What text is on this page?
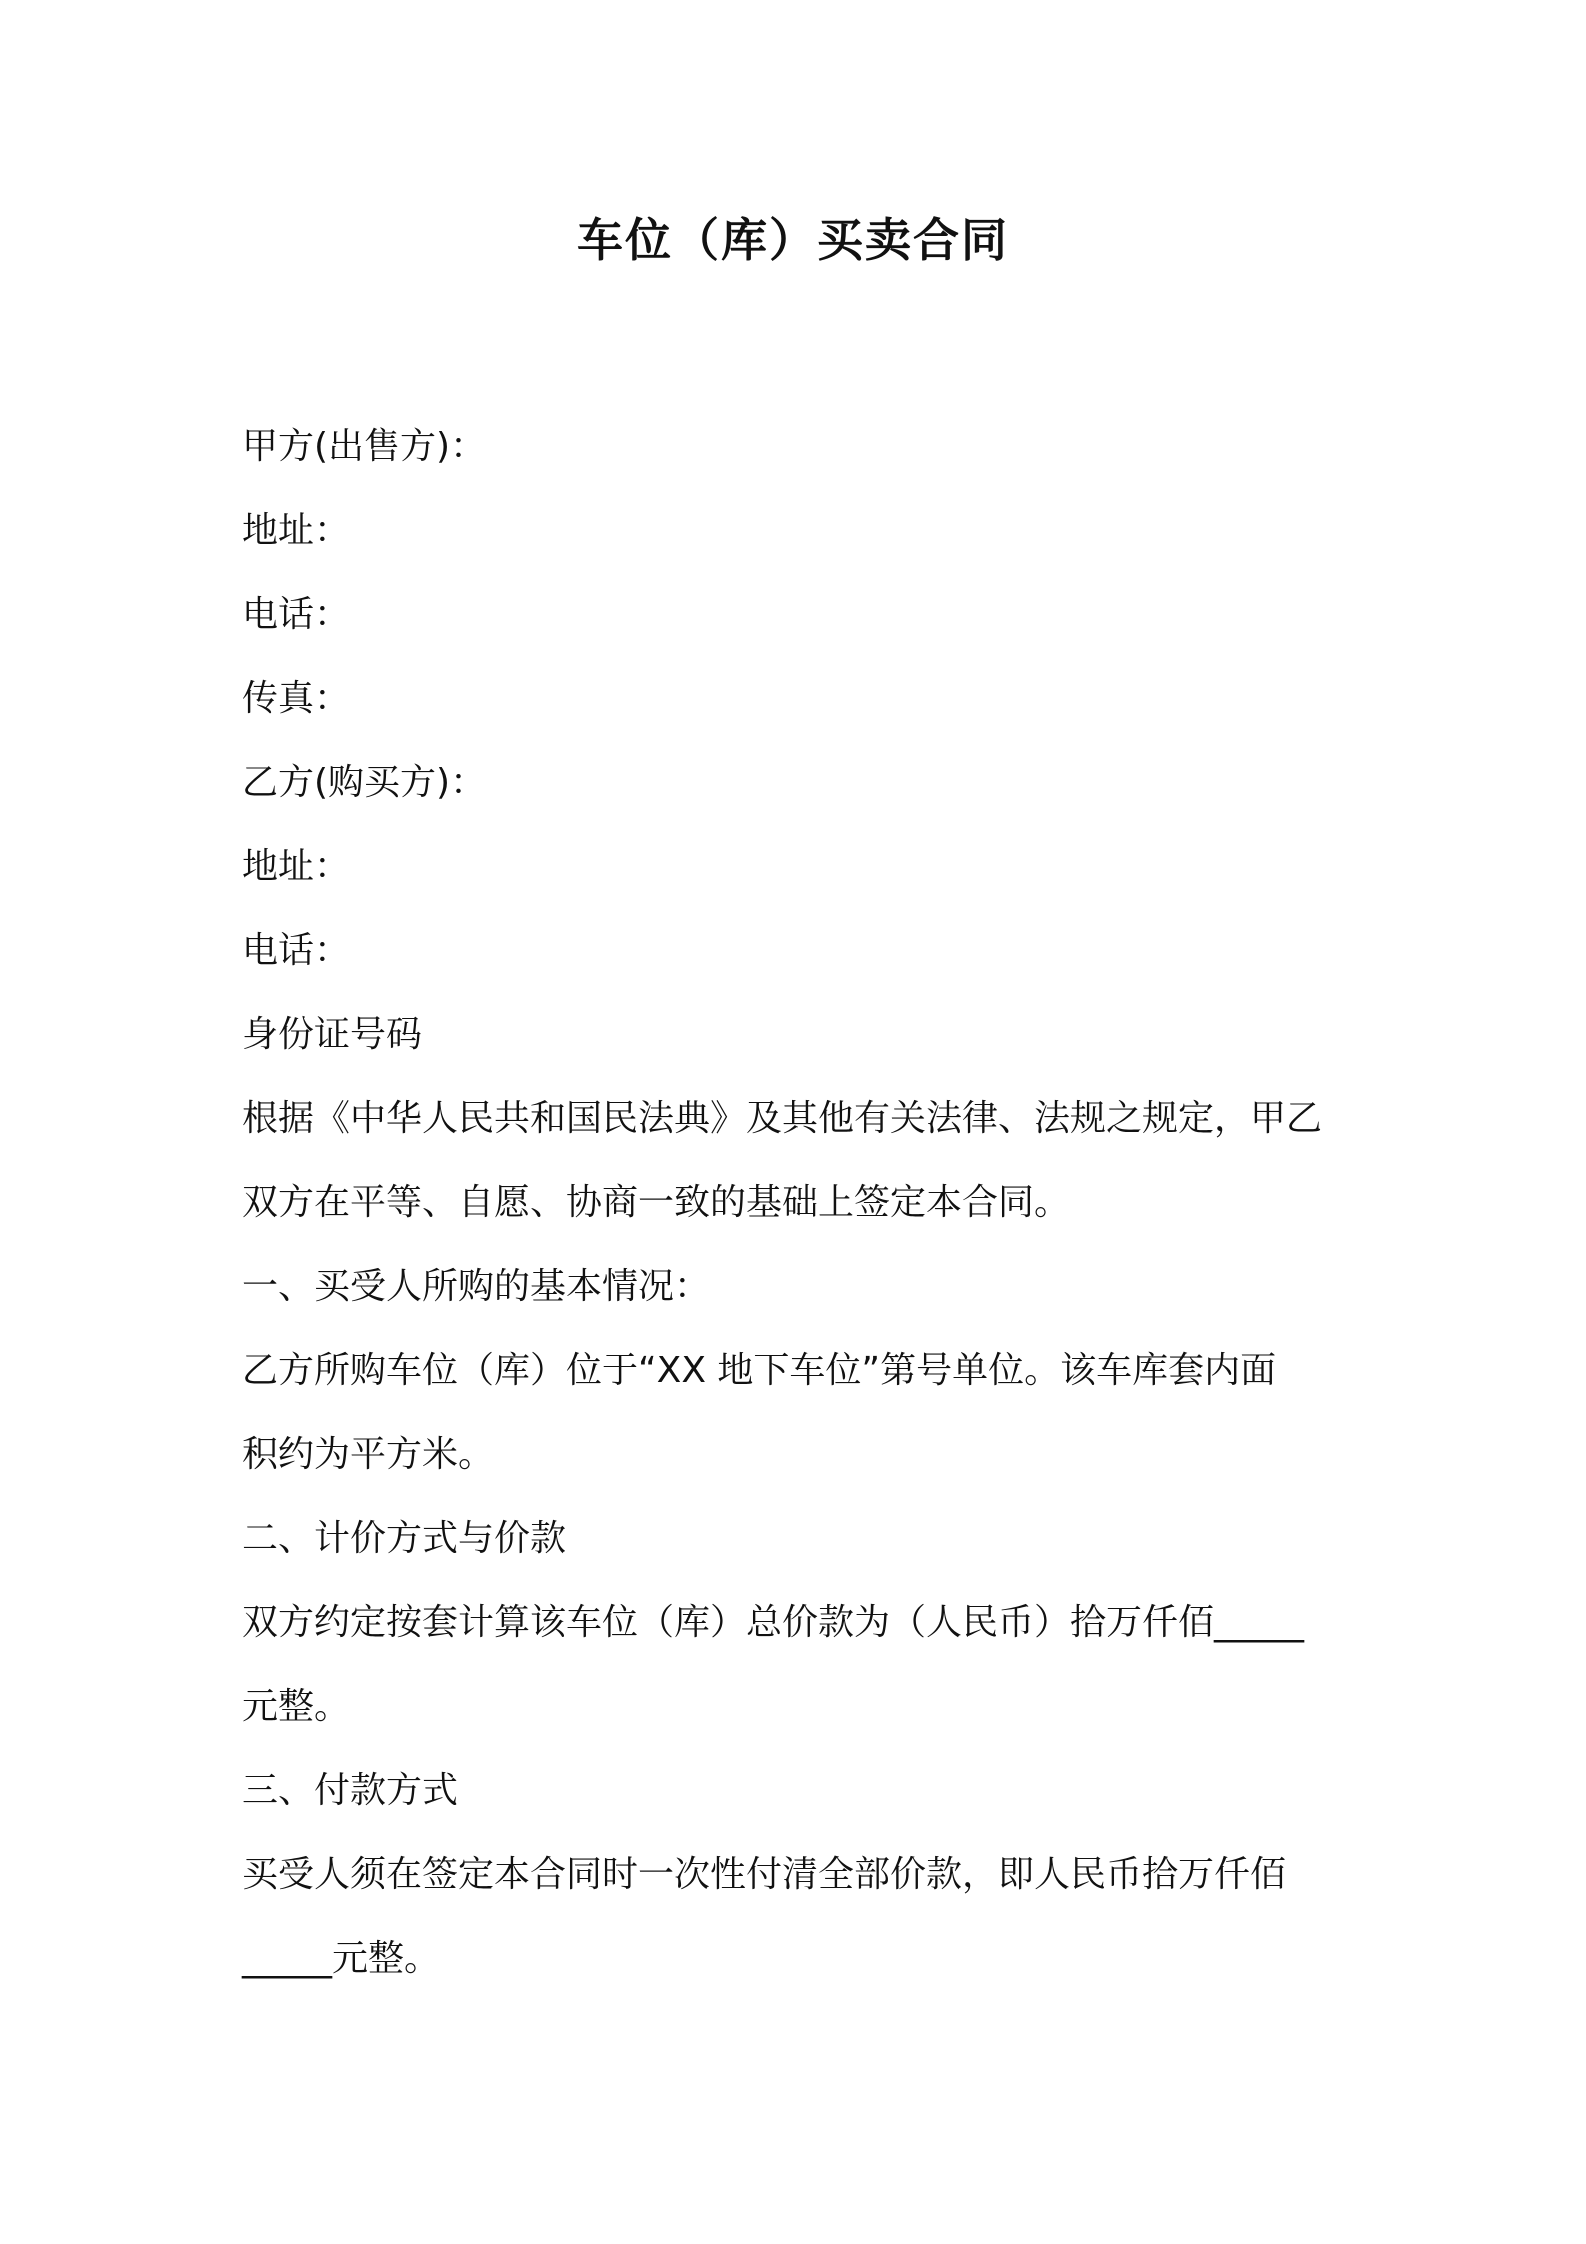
车位（库）买卖合同

甲方(出售方)：

地址：

电话：

传真：

乙方(购买方)：

地址：

电话：

身份证号码

根据《中华人民共和国民法典》及其他有关法律、法规之规定，甲乙

双方在平等、自愿、协商一致的基础上签定本合同。

一、买受人所购的基本情况：

乙方所购车位（库）位于“XX 地下车位”第号单位。该车库套内面

积约为平方米。

二、计价方式与价款

双方约定按套计算该车位（库）总价款为（人民币）拾万仟佰_____

元整。

三、付款方式

买受人须在签定本合同时一次性付清全部价款，即人民币拾万仟佰

_____元整。
